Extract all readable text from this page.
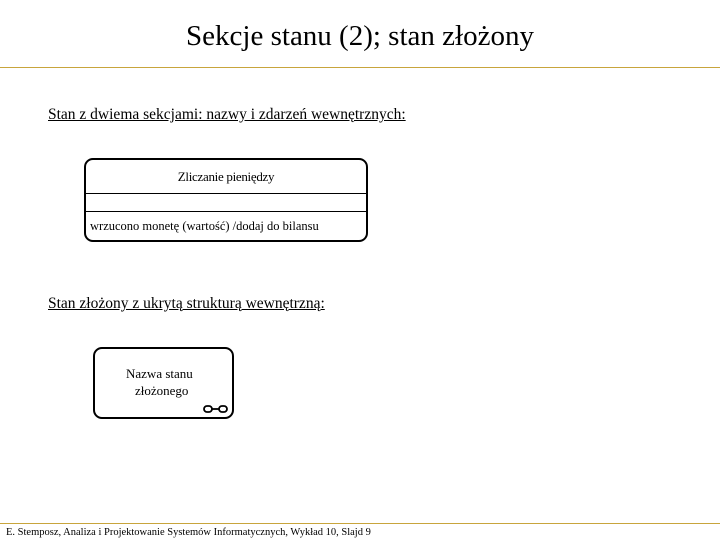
Sekcje stanu (2); stan złożony
Stan z dwiema sekcjami: nazwy i zdarzeń wewnętrznych:
Zliczanie pieniędzy
wrzucono monetę (wartość) /dodaj do bilansu
Stan złożony z ukrytą strukturą wewnętrzną:
Nazwa stanu
złożonego
E. Stemposz, Analiza i Projektowanie Systemów Informatycznych, Wykład 10, Slajd 9
